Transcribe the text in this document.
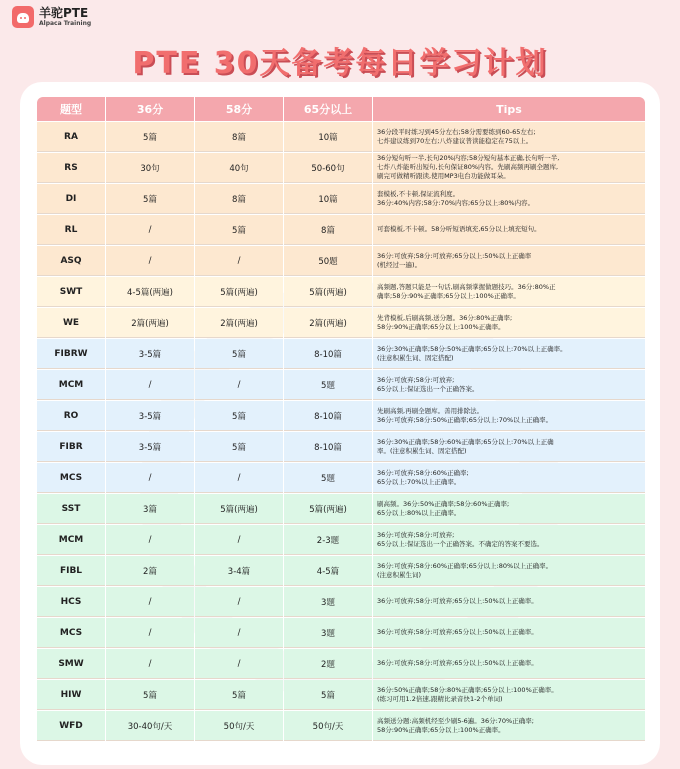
羊驼PTE
Alpaca Training
PTE 30天备考每日学习计划
题型	36分	58分	65分以上	Tips
RA	5篇	8篇	10篇	36分段平时练习到45分左右;58分需要练到60-65左右;
七炸建议练到70左右;八炸建议普读能稳定在75以上。
RS	30句	40句	50-60句	36分短句听一半,长句20%内容;58分短句基本正确,长句听一半,
七炸八炸能听出短句,长句保证80%内容。先刷高频再刷全题库,
刷完可做精听跟读,使用MP3电台功能做耳朵。
DI	5篇	8篇	10篇	套模板,不卡顿,保证流利度。
36分:40%内容;58分:70%内容;65分以上:80%内容。
RL	/	5篇	8篇	可套模板,不卡顿。58分听短语填充,65分以上填充短句。
ASQ	/	/	50题	36分:可放弃;58分:可放弃;65分以上:50%以上正确率
(机经过一遍)。
SWT	4-5篇(两遍)	5篇(两遍)	5篇(两遍)	高频题,答题只能是一句话,刷高频掌握做题技巧。36分:80%正
确率;58分:90%正确率;65分以上:100%正确率。
WE	2篇(两遍)	2篇(两遍)	2篇(两遍)	先背模板,后刷高频,送分题。36分:80%正确率;
58分:90%正确率;65分以上:100%正确率。
FIBRW	3-5篇	5篇	8-10篇	36分:30%正确率;58分:50%正确率;65分以上:70%以上正确率。
(注意积累生词、固定搭配)
MCM	/	/	5题	36分:可放弃;58分:可放弃;
65分以上:保证选出一个正确答案。
RO	3-5篇	5篇	8-10篇	先刷高频,再刷全题库。善用排除法。
36分:可放弃;58分:50%正确率;65分以上:70%以上正确率。
FIBR	3-5篇	5篇	8-10篇	36分:30%正确率;58分:60%正确率;65分以上:70%以上正确
率。(注意积累生词、固定搭配)
MCS	/	/	5题	36分:可放弃;58分:60%正确率;
65分以上:70%以上正确率。
SST	3篇	5篇(两遍)	5篇(两遍)	刷高频。36分:50%正确率;58分:60%正确率;
65分以上:80%以上正确率。
MCM	/	/	2-3题	36分:可放弃;58分:可放弃;
65分以上:保证选出一个正确答案。不确定的答案不要选。
FIBL	2篇	3-4篇	4-5篇	36分:可放弃;58分:60%正确率;65分以上:80%以上正确率。
(注意积累生词)
HCS	/	/	3题	36分:可放弃;58分:可放弃;65分以上:50%以上正确率。
MCS	/	/	3题	36分:可放弃;58分:可放弃;65分以上:50%以上正确率。
SMW	/	/	2题	36分:可放弃;58分:可放弃;65分以上:50%以上正确率。
HIW	5篇	5篇	5篇	36分:50%正确率;58分:80%正确率;65分以上:100%正确率。
(练习可用1.2倍速,跟精比录音快1-2个单词)
WFD	30-40句/天	50句/天	50句/天	高频送分题:高频机经至少刷5-6遍。36分:70%正确率;
58分:90%正确率;65分以上:100%正确率。
